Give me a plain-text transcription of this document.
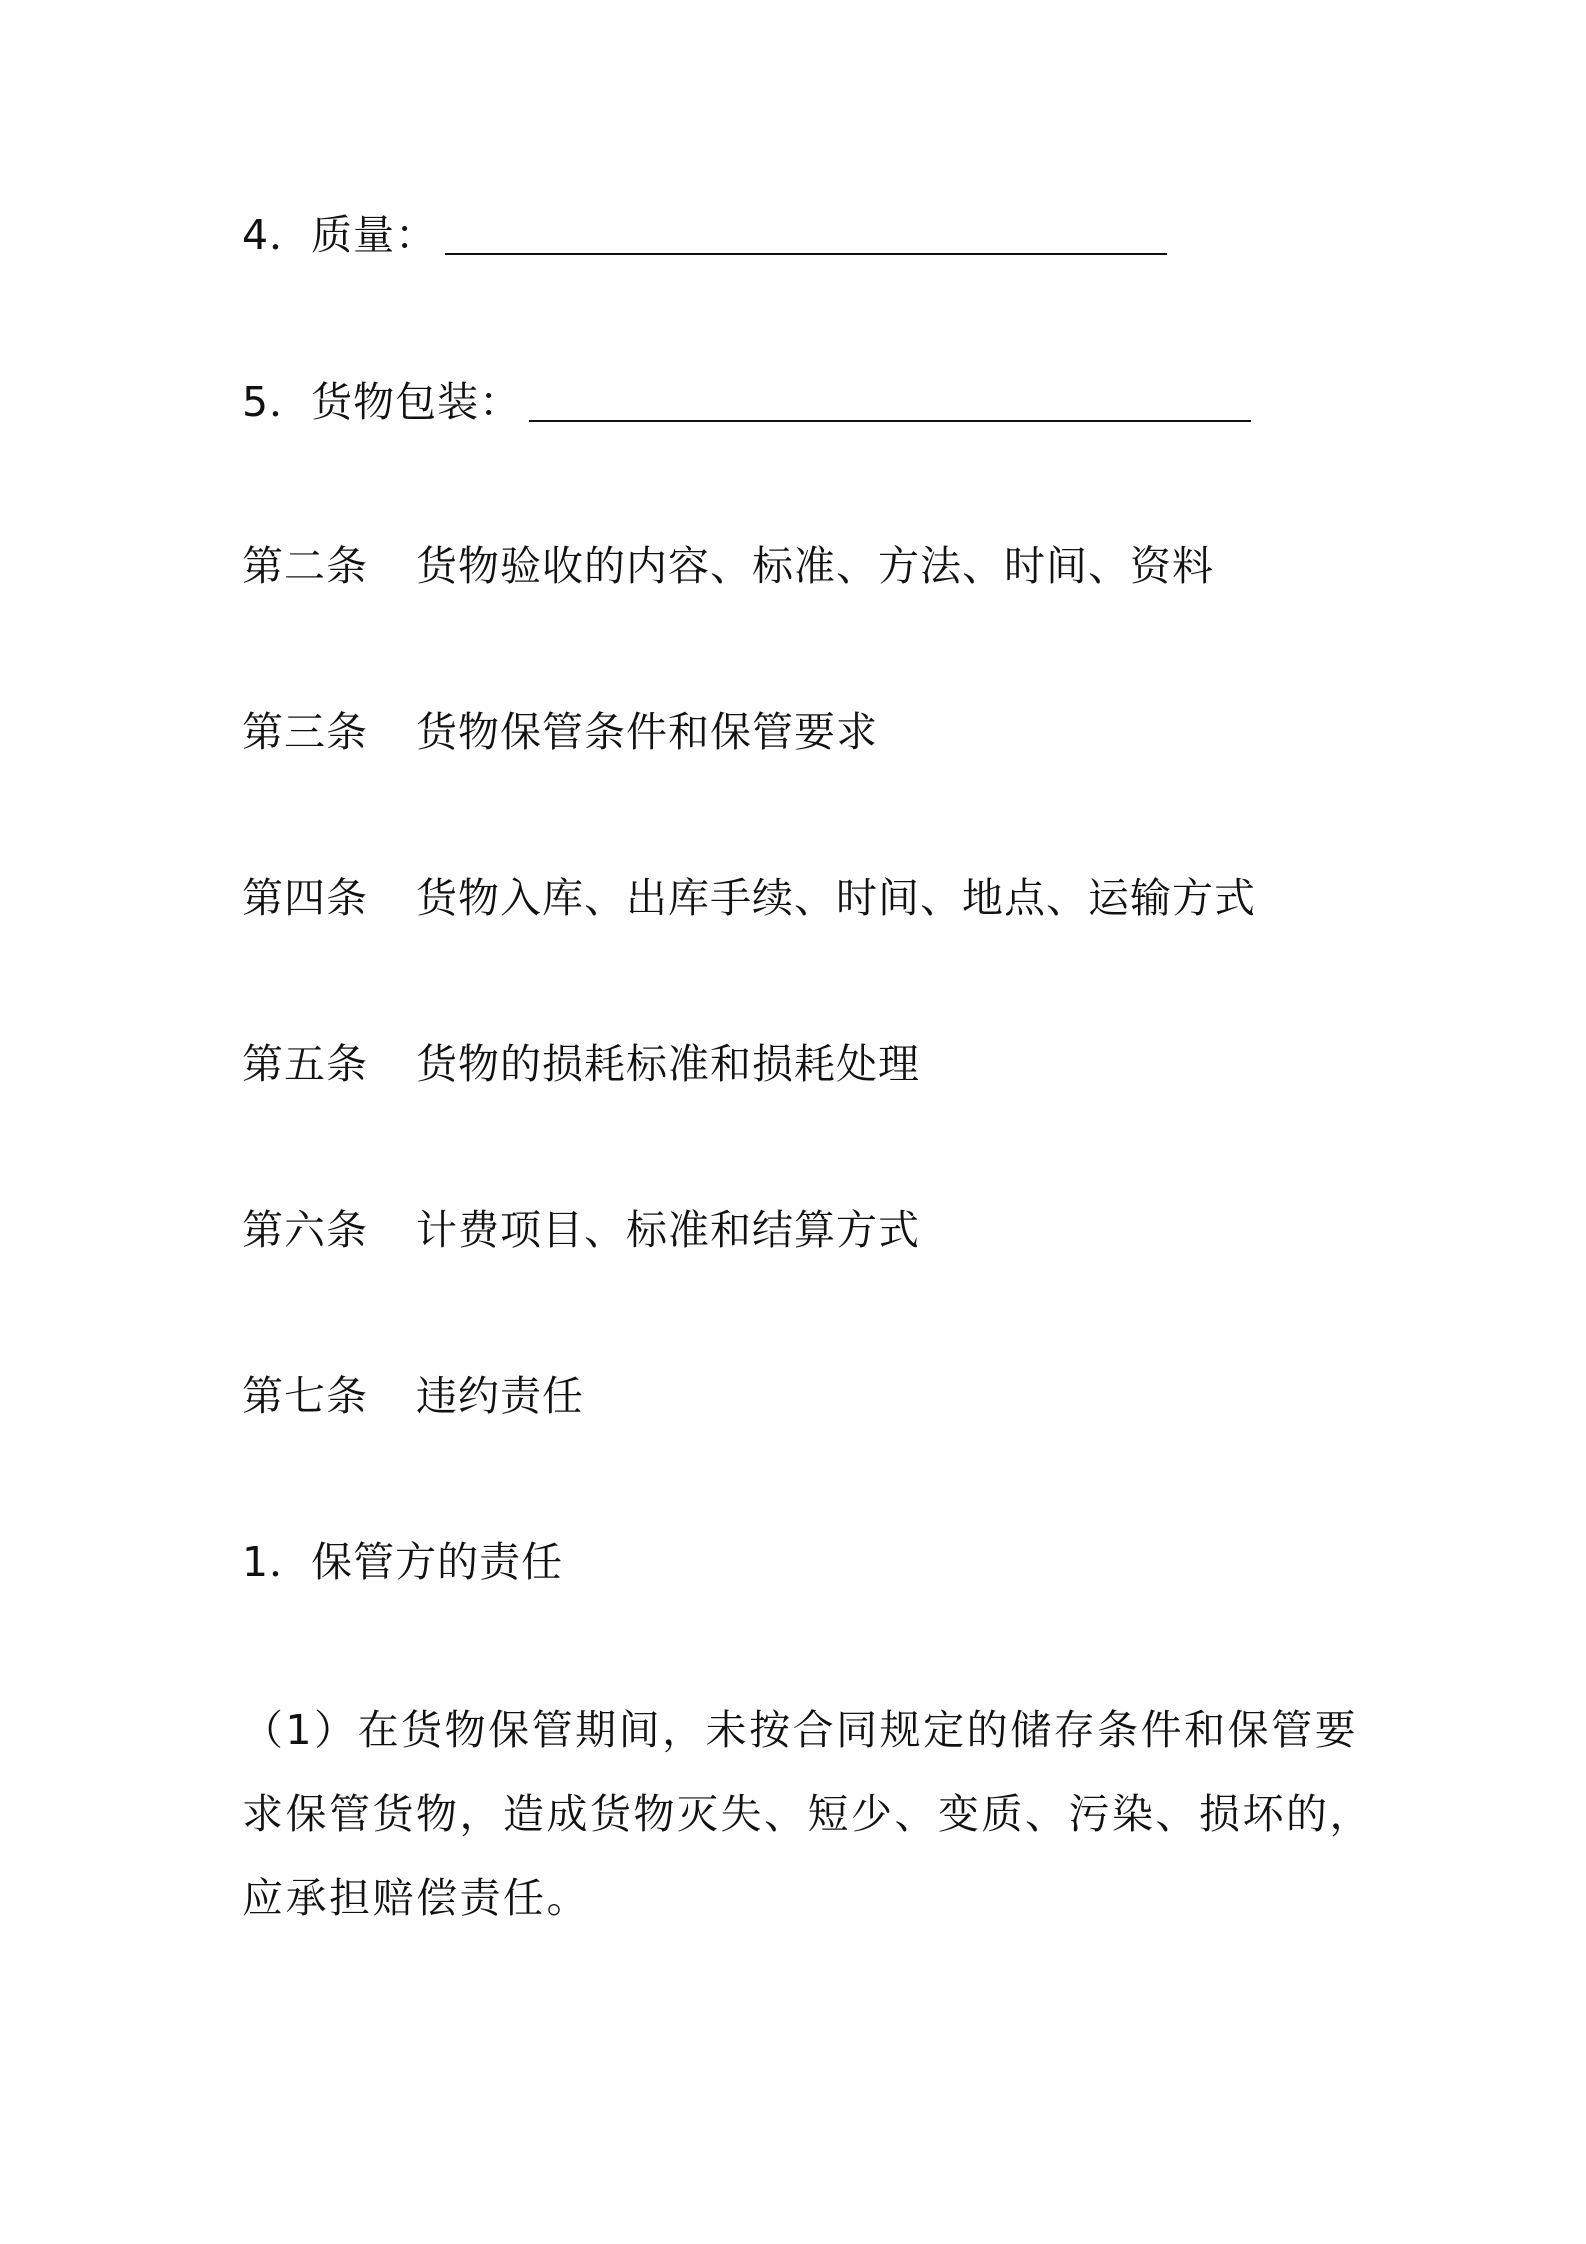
4．质量：
5．货物包装：
第二条 货物验收的内容、标准、方法、时间、资料
第三条 货物保管条件和保管要求
第四条 货物入库、出库手续、时间、地点、运输方式
第五条 货物的损耗标准和损耗处理
第六条 计费项目、标准和结算方式
第七条 违约责任
1．保管方的责任
（1）在货物保管期间，未按合同规定的储存条件和保管要
求保管货物，造成货物灭失、短少、变质、污染、损坏的，
应承担赔偿责任。
